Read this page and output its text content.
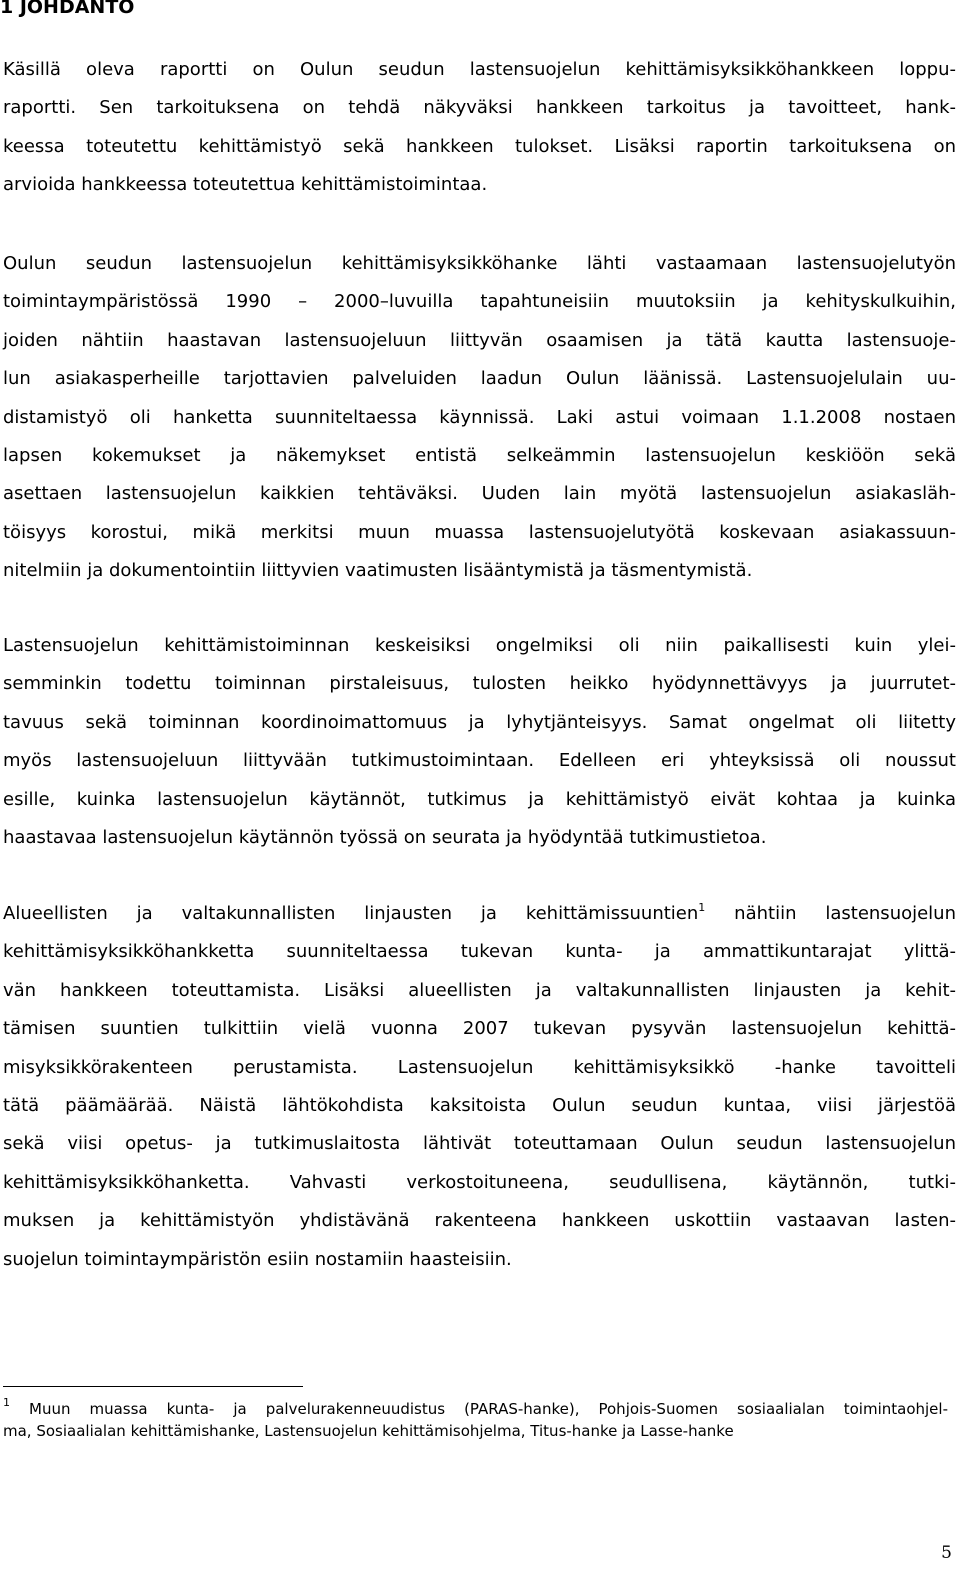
1 JOHDANTO

Käsillä oleva raportti on Oulun seudun lastensuojelun kehittämisyksikköhankkeen loppu-
raportti. Sen tarkoituksena on tehdä näkyväksi hankkeen tarkoitus ja tavoitteet, hank-
keessa toteutettu kehittämistyö sekä hankkeen tulokset. Lisäksi raportin tarkoituksena on
arvioida hankkeessa toteutettua kehittämistoimintaa.

Oulun seudun lastensuojelun kehittämisyksikköhanke lähti vastaamaan lastensuojelutyön
toimintaympäristössä 1990 – 2000–luvuilla tapahtuneisiin muutoksiin ja kehityskulkuihin,
joiden nähtiin haastavan lastensuojeluun liittyvän osaamisen ja tätä kautta lastensuoje-
lun asiakasperheille tarjottavien palveluiden laadun Oulun läänissä. Lastensuojelulain uu-
distamistyö oli hanketta suunniteltaessa käynnissä. Laki astui voimaan 1.1.2008 nostaen
lapsen kokemukset ja näkemykset entistä selkeämmin lastensuojelun keskiöön sekä
asettaen lastensuojelun kaikkien tehtäväksi. Uuden lain myötä lastensuojelun asiakasläh-
töisyys korostui, mikä merkitsi muun muassa lastensuojelutyötä koskevaan asiakassuun-
nitelmiin ja dokumentointiin liittyvien vaatimusten lisääntymistä ja täsmentymistä.

Lastensuojelun kehittämistoiminnan keskeisiksi ongelmiksi oli niin paikallisesti kuin ylei-
semminkin todettu toiminnan pirstaleisuus, tulosten heikko hyödynnettävyys ja juurrutet-
tavuus sekä toiminnan koordinoimattomuus ja lyhytjänteisyys. Samat ongelmat oli liitetty
myös lastensuojeluun liittyvään tutkimustoimintaan. Edelleen eri yhteyksissä oli noussut
esille, kuinka lastensuojelun käytännöt, tutkimus ja kehittämistyö eivät kohtaa ja kuinka
haastavaa lastensuojelun käytännön työssä on seurata ja hyödyntää tutkimustietoa.

Alueellisten ja valtakunnallisten linjausten ja kehittämissuuntien$^1$ nähtiin lastensuojelun
kehittämisyksikköhankketta suunniteltaessa tukevan kunta- ja ammattikuntarajat ylittä-
vän hankkeen toteuttamista. Lisäksi alueellisten ja valtakunnallisten linjausten ja kehit-
tämisen suuntien tulkittiin vielä vuonna 2007 tukevan pysyvän lastensuojelun kehittä-
misyksikkörakenteen perustamista. Lastensuojelun kehittämisyksikkö -hanke tavoitteli
tätä päämäärää. Näistä lähtökohdista kaksitoista Oulun seudun kuntaa, viisi järjestöä
sekä viisi opetus- ja tutkimuslaitosta lähtivät toteuttamaan Oulun seudun lastensuojelun
kehittämisyksikköhanketta. Vahvasti verkostoituneena, seudullisena, käytännön, tutki-
muksen ja kehittämistyön yhdistävänä rakenteena hankkeen uskottiin vastaavan lasten-
suojelun toimintaympäristön esiin nostamiin haasteisiin.

$^1$ Muun muassa kunta- ja palvelurakenneuudistus (PARAS-hanke), Pohjois-Suomen sosiaalialan toimintaohjel-
ma, Sosiaalialan kehittämishanke, Lastensuojelun kehittämisohjelma, Titus-hanke ja Lasse-hanke

5
